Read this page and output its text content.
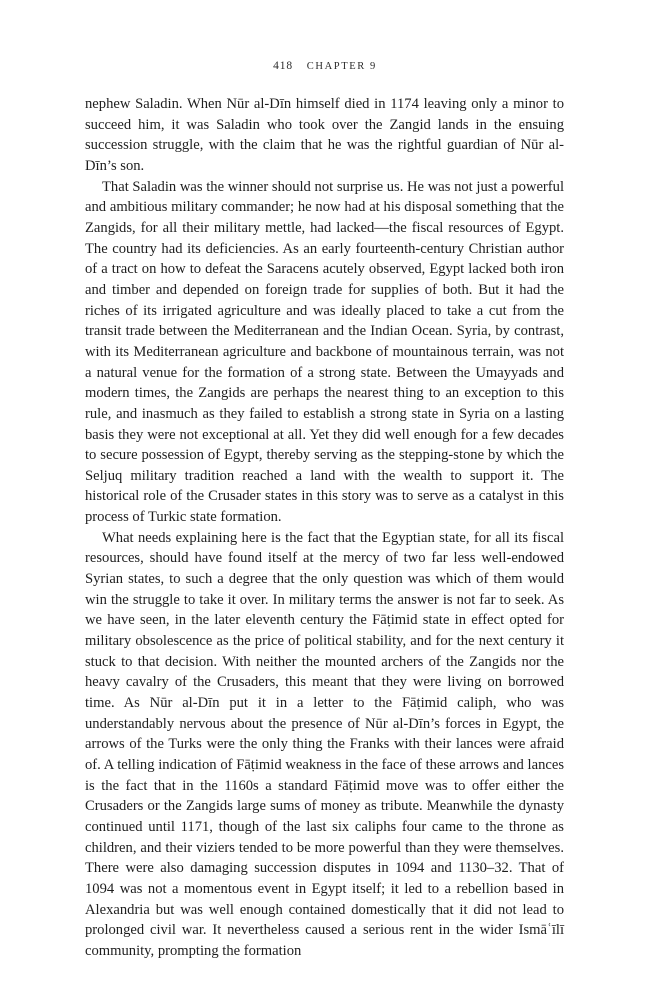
418 CHAPTER 9

nephew Saladin. When Nūr al-Dīn himself died in 1174 leaving only a minor to succeed him, it was Saladin who took over the Zangid lands in the ensuing succession struggle, with the claim that he was the rightful guardian of Nūr al-Dīn’s son.

That Saladin was the winner should not surprise us. He was not just a powerful and ambitious military commander; he now had at his disposal something that the Zangids, for all their military mettle, had lacked—the fiscal resources of Egypt. The country had its deficiencies. As an early fourteenth-century Christian author of a tract on how to defeat the Saracens acutely observed, Egypt lacked both iron and timber and depended on foreign trade for supplies of both. But it had the riches of its irrigated agriculture and was ideally placed to take a cut from the transit trade between the Mediterranean and the Indian Ocean. Syria, by contrast, with its Mediterranean agriculture and backbone of mountainous terrain, was not a natural venue for the formation of a strong state. Between the Umayyads and modern times, the Zangids are perhaps the nearest thing to an exception to this rule, and inasmuch as they failed to establish a strong state in Syria on a lasting basis they were not exceptional at all. Yet they did well enough for a few decades to secure possession of Egypt, thereby serving as the stepping-stone by which the Seljuq military tradition reached a land with the wealth to support it. The historical role of the Crusader states in this story was to serve as a catalyst in this process of Turkic state formation.

What needs explaining here is the fact that the Egyptian state, for all its fiscal resources, should have found itself at the mercy of two far less well-endowed Syrian states, to such a degree that the only question was which of them would win the struggle to take it over. In military terms the answer is not far to seek. As we have seen, in the later eleventh century the Fāṭimid state in effect opted for military obsolescence as the price of political stability, and for the next century it stuck to that decision. With neither the mounted archers of the Zangids nor the heavy cavalry of the Crusaders, this meant that they were living on borrowed time. As Nūr al-Dīn put it in a letter to the Fāṭimid caliph, who was understandably nervous about the presence of Nūr al-Dīn’s forces in Egypt, the arrows of the Turks were the only thing the Franks with their lances were afraid of. A telling indication of Fāṭimid weakness in the face of these arrows and lances is the fact that in the 1160s a standard Fāṭimid move was to offer either the Crusaders or the Zangids large sums of money as tribute. Meanwhile the dynasty continued until 1171, though of the last six caliphs four came to the throne as children, and their viziers tended to be more powerful than they were themselves. There were also damaging succession disputes in 1094 and 1130–32. That of 1094 was not a momentous event in Egypt itself; it led to a rebellion based in Alexandria but was well enough contained domestically that it did not lead to prolonged civil war. It nevertheless caused a serious rent in the wider Ismāʿīlī community, prompting the formation
